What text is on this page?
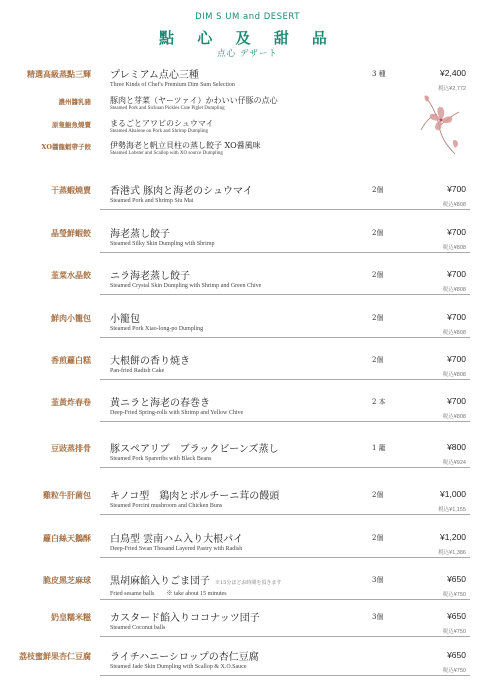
DIM S UM and DESERT
點 心 及 甜 品
点心 デザート
精選高級蒸點三輝 プレミアム点心三種
Three Kinds of Chef's Premium Dim Sum Selection
3 種	¥2,400
税込¥2,772
濃州醬乳豬 豚肉と芽菜（ヤーツァイ）かわいい仔豚の点心
Steamed Pork and Sichuan Pickles Cute Piglet Dumpling
原隻鮑魚燒賣 まるごとアワビのシュウマイ
Steamed Abalone on Pork and Shrimp Dumpling
XO醬龍蝦帶子餃 伊勢海老と帆立貝柱の蒸し餃子 XO醤風味
Steamed Lobster and Scallop with XO source Dumpling
干蒸蝦燒賣 香港式 豚肉と海老のシュウマイ
Steamed Pork and Shrimp Siu Mai
2個	¥700
税込¥808
晶瑩鮮蝦餃 海老蒸し餃子
Steamed Silky Skin Dumpling with Shrimp
2個	¥700
税込¥808
韮菜水晶餃 ニラ海老蒸し餃子
Steamed Crystal Skin Dumpling with Shrimp and Green Chive
2個	¥700
税込¥808
鮮肉小籠包 小籠包
Steamed Pork Xiao-long-po Dumpling
2個	¥700
税込¥808
香煎蘿白糕 大根餅の香り焼き
Pan-fried Radish Cake
2個	¥700
税込¥808
韮黃炸春卷 黄ニラと海老の春巻き
Deep-Fried Spring-rolls with Shrimp and Yellow Chive
2 本	¥700
税込¥808
豆豉蒸排骨 豚スペアリブ　ブラックビーンズ蒸し
Steamed Pork Spareribs with Black Beans
1 籠	¥800
税込¥924
雞粒牛肝菌包 キノコ型　鶏肉とポルチーニ茸の饅頭
Steamed Porcini mushroom and Chicken Buns
2個	¥1,000
税込¥1,155
蘿白絲天鵝酥 白鳥型 雲南ハム入り大根パイ
Deep-Fried Swan Thosand Layered Pastry with Radish
2個	¥1,200
税込¥1,386
脆皮黑芝麻球 黒胡麻餡入りごま団子 ※15分ほどお時間を頂きます
Fried sesame balls　　※ take about 15 minutes
3個	¥650
税込¥750
奶皇糯米糍 カスタード餡入りココナッツ団子
Steamed Coconut balls
3個	¥650
税込¥750
荔枝蜜鮮果杏仁豆腐 ライチハニーシロップの杏仁豆腐
Steamed Jade Skin Dumpling with Scallop & X.O.Sauce
¥650
税込¥750
